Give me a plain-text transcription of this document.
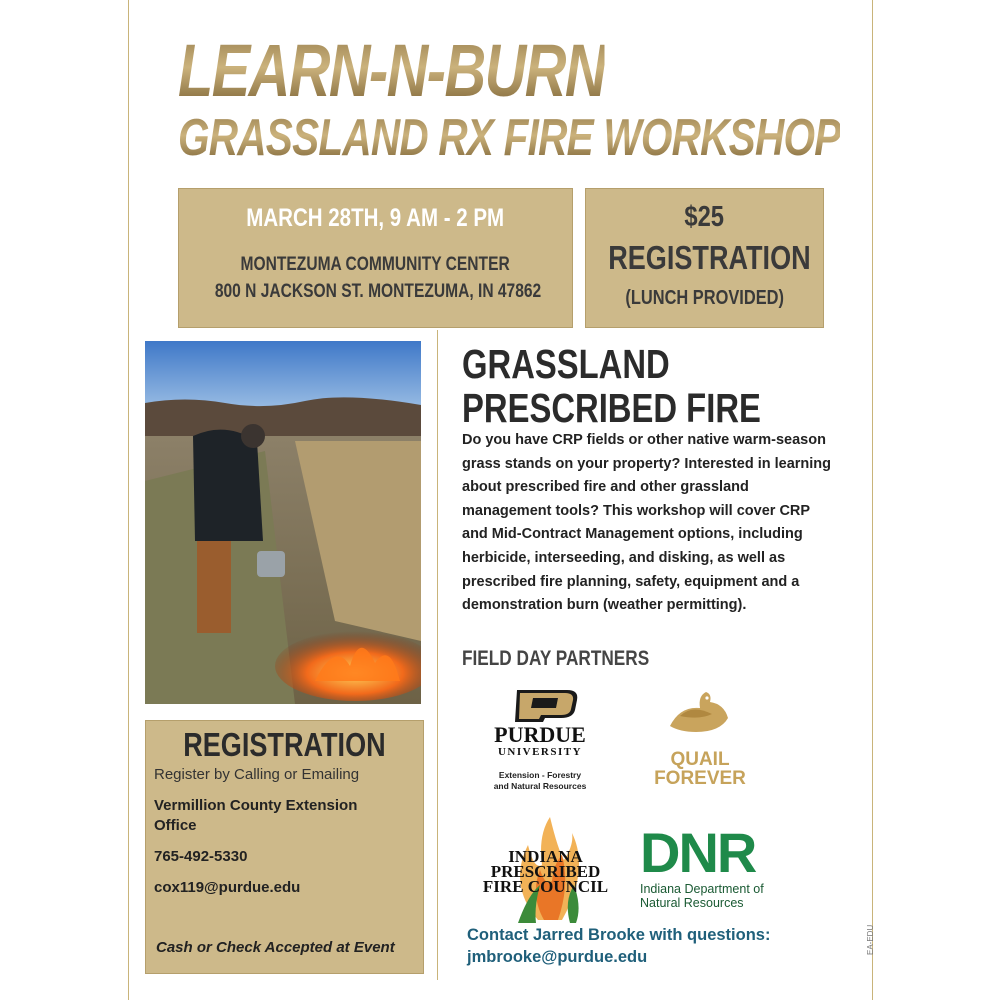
LEARN-N-BURN
GRASSLAND RX FIRE WORKSHOP
MARCH 28TH, 9 AM - 2 PM
MONTEZUMA COMMUNITY CENTER
800 N JACKSON ST. MONTEZUMA, IN 47862
$25
REGISTRATION
(LUNCH PROVIDED)
GRASSLAND
PRESCRIBED FIRE
Do you have CRP fields or other native warm-season grass stands on your property? Interested in learning about prescribed fire and other grassland management tools? This workshop will cover CRP and Mid-Contract Management options, including herbicide, interseeding, and disking, as well as prescribed fire planning, safety, equipment and a demonstration burn (weather permitting).
FIELD DAY PARTNERS
REGISTRATION
Register by Calling or Emailing
Vermillion County Extension Office
765-492-5330
cox119@purdue.edu
Cash or Check Accepted at Event
PURDUE
UNIVERSITY
Extension - Forestry
and Natural Resources
QUAIL
FOREVER
INDIANA
PRESCRIBED
FIRE COUNCIL
DNR
Indiana Department of
Natural Resources
Contact Jarred Brooke with questions:
jmbrooke@purdue.edu
EA-EDU
